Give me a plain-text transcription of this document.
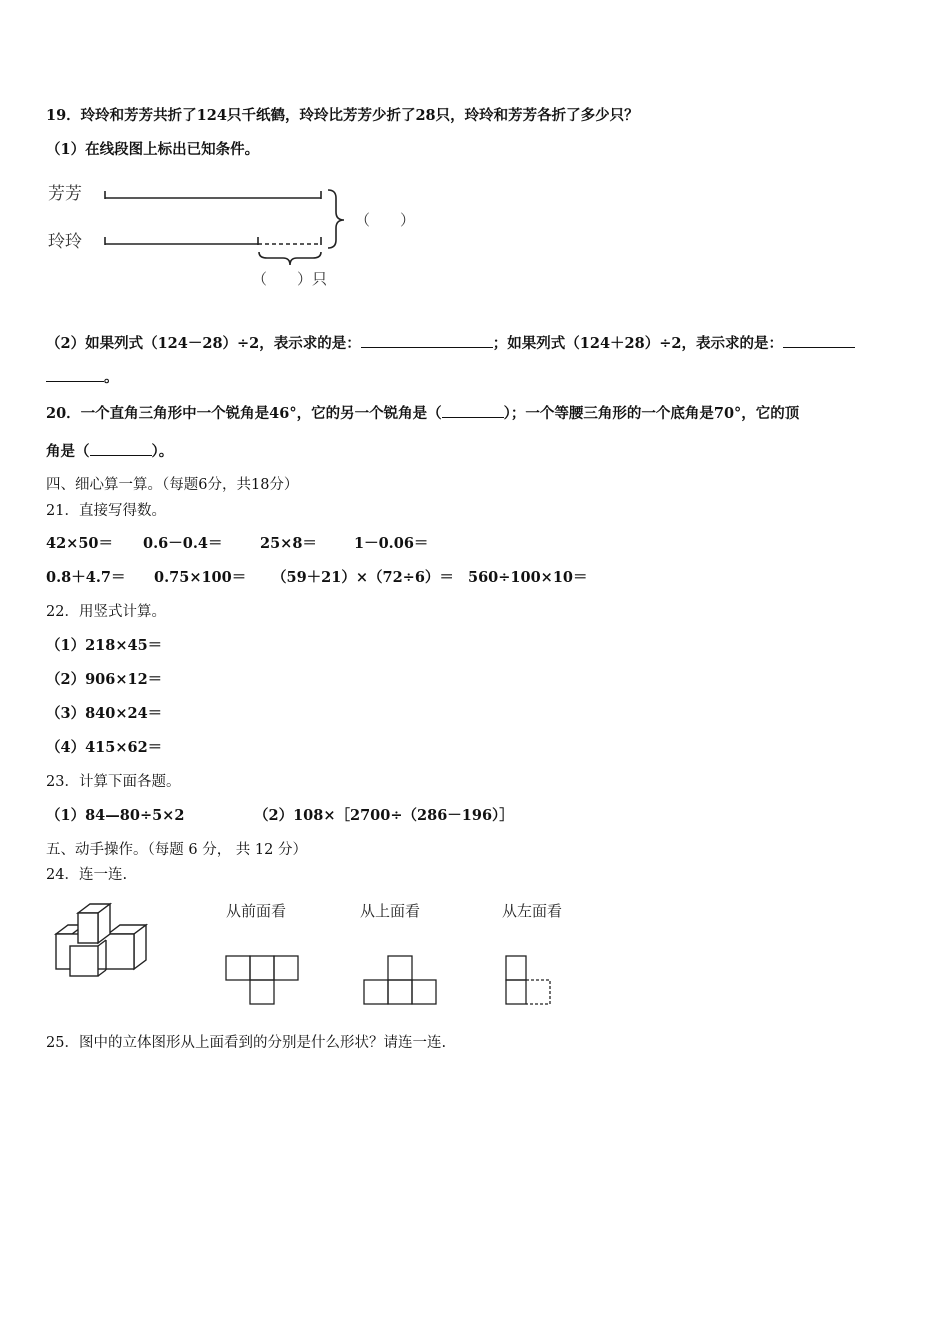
19．玲玲和芳芳共折了124只千纸鹤，玲玲比芳芳少折了28只，玲玲和芳芳各折了多少只？
（1）在线段图上标出已知条件。
芳芳
玲玲
（　　）
（　　）只
（2）如果列式（124－28）÷2，表示求的是：	；如果列式（124＋28）÷2，表示求的是：
。
20．一个直角三角形中一个锐角是46°，它的另一个锐角是（	）；一个等腰三角形的一个底角是70°，它的顶
角是（	）。
四、细心算一算。（每题6分，共18分）
21．直接写得数。
42×50＝ 0.6－0.4＝	25×8＝	1－0.06＝
0.8＋4.7＝ 0.75×100＝ （59＋21）×（72÷6）＝ 560÷100×10＝
22．用竖式计算。
（1）218×45＝
（2）906×12＝
（3）840×24＝
（4）415×62＝
23．计算下面各题。
（1）84—80÷5×2	（2）108×［2700÷（286－196）］
五、动手操作。（每题 6 分， 共 12 分）
24．连一连.
从前面看	从上面看	从左面看
25．图中的立体图形从上面看到的分别是什么形状？请连一连.
